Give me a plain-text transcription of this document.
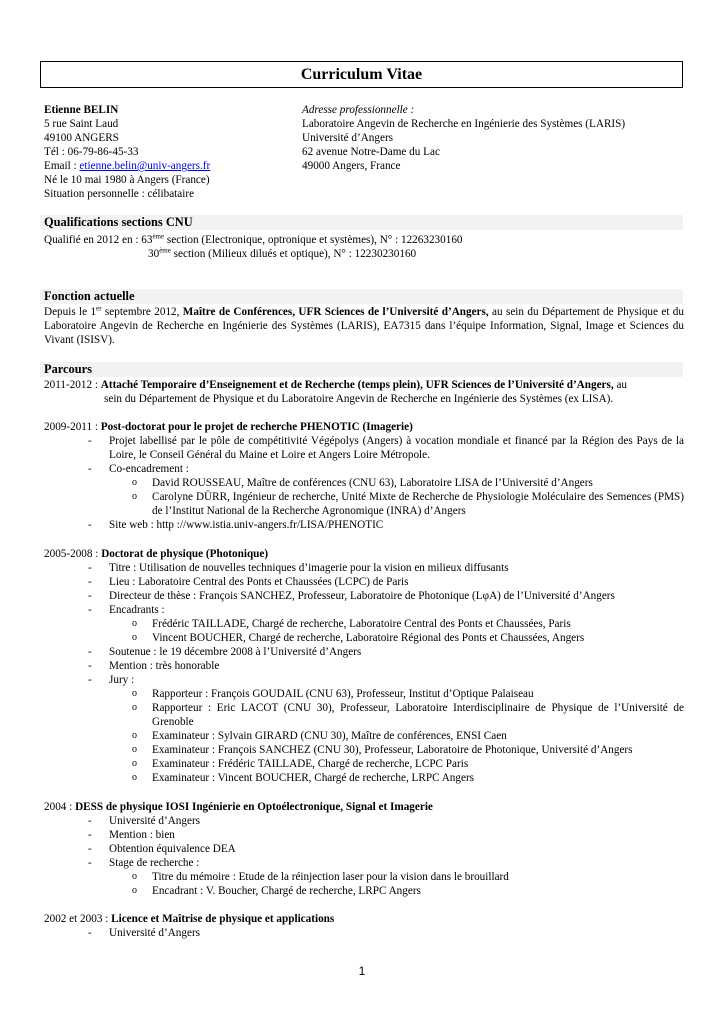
Curriculum Vitae
Etienne BELIN
5 rue Saint Laud
49100 ANGERS
Tél : 06-79-86-45-33
Email : etienne.belin@univ-angers.fr
Né le 10 mai 1980 à Angers (France)
Situation personnelle : célibataire
Adresse professionnelle :
Laboratoire Angevin de Recherche en Ingénierie des Systèmes (LARIS)
Université d’Angers
62 avenue Notre-Dame du Lac
49000 Angers, France
Qualifications sections CNU
Qualifié en 2012 en : 63ème section (Electronique, optronique et systèmes), N° : 12263230160
30ème section (Milieux dilués et optique), N° : 12230230160
Fonction actuelle
Depuis le 1er septembre 2012, Maître de Conférences, UFR Sciences de l’Université d’Angers, au sein du Département de Physique et du Laboratoire Angevin de Recherche en Ingénierie des Systèmes (LARIS), EA7315 dans l’équipe Information, Signal, Image et Sciences du Vivant (ISISV).
Parcours
2011-2012 : Attaché Temporaire d’Enseignement et de Recherche (temps plein), UFR Sciences de l’Université d’Angers, au
sein du Département de Physique et du Laboratoire Angevin de Recherche en Ingénierie des Systèmes (ex LISA).
2009-2011 : Post-doctorat pour le projet de recherche PHENOTIC (Imagerie)
- Projet labellisé par le pôle de compétitivité Végépolys (Angers) à vocation mondiale et financé par la Région des Pays de la Loire, le Conseil Général du Maine et Loire et Angers Loire Métropole.
- Co-encadrement :
o David ROUSSEAU, Maître de conférences (CNU 63), Laboratoire LISA de l’Université d’Angers
o Carolyne DÜRR, Ingénieur de recherche, Unité Mixte de Recherche de Physiologie Moléculaire des Semences (PMS) de l’Institut National de la Recherche Agronomique (INRA) d’Angers
- Site web : http ://www.istia.univ-angers.fr/LISA/PHENOTIC
2005-2008 : Doctorat de physique (Photonique)
- Titre : Utilisation de nouvelles techniques d’imagerie pour la vision en milieux diffusants
- Lieu : Laboratoire Central des Ponts et Chaussées (LCPC) de Paris
- Directeur de thèse : François SANCHEZ, Professeur, Laboratoire de Photonique (LφA) de l’Université d’Angers
- Encadrants :
o Frédéric TAILLADE, Chargé de recherche, Laboratoire Central des Ponts et Chaussées, Paris
o Vincent BOUCHER, Chargé de recherche, Laboratoire Régional des Ponts et Chaussées, Angers
- Soutenue : le 19 décembre 2008 à l’Université d’Angers
- Mention : très honorable
- Jury :
o Rapporteur : François GOUDAIL (CNU 63), Professeur, Institut d’Optique Palaiseau
o Rapporteur : Eric LACOT (CNU 30), Professeur, Laboratoire Interdisciplinaire de Physique de l’Université de Grenoble
o Examinateur : Sylvain GIRARD (CNU 30), Maître de conférences, ENSI Caen
o Examinateur : François SANCHEZ (CNU 30), Professeur, Laboratoire de Photonique, Université d’Angers
o Examinateur : Frédéric TAILLADE, Chargé de recherche, LCPC Paris
o Examinateur : Vincent BOUCHER, Chargé de recherche, LRPC Angers
2004 : DESS de physique IOSI Ingénierie en Optoélectronique, Signal et Imagerie
- Université d’Angers
- Mention : bien
- Obtention équivalence DEA
- Stage de recherche :
o Titre du mémoire : Etude de la réinjection laser pour la vision dans le brouillard
o Encadrant : V. Boucher, Chargé de recherche, LRPC Angers
2002 et 2003 : Licence et Maîtrise de physique et applications
- Université d’Angers
1
